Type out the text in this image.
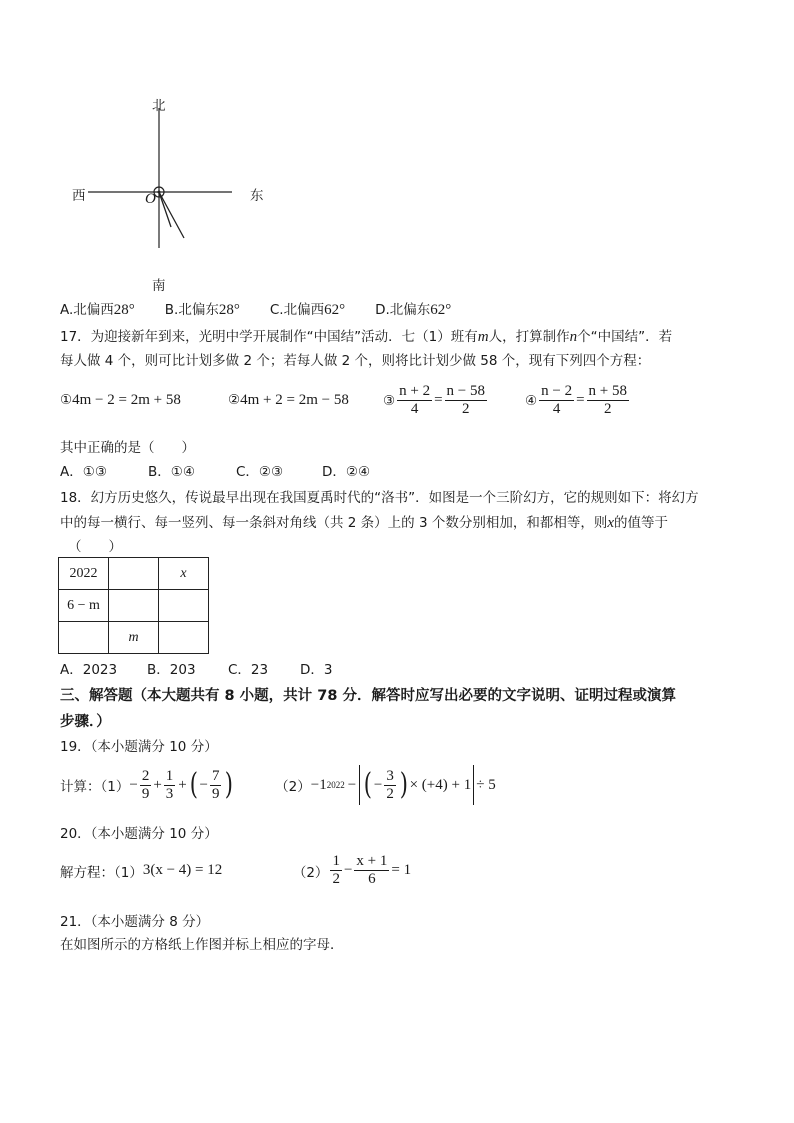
北
南
西	东
O
A.北偏西28° B.北偏东28° C.北偏西62° D.北偏东62°
17．为迎接新年到来，光明中学开展制作“中国结”活动．七（1）班有m人，打算制作n个“中国结”．若
每人做 4 个，则可比计划多做 2 个；若每人做 2 个，则将比计划少做 58 个，现有下列四个方程：
①4m − 2 = 2m + 58	②4m + 2 = 2m − 58	③ $\frac{n + 2}{4} = \frac{n - 58}{2}$	④ $\frac{n - 2}{4} = \frac{n + 58}{2}$
其中正确的是（　　）
A．①③	B．①④	C．②③	D．②④
18．幻方历史悠久，传说最早出现在我国夏禹时代的“洛书”．如图是一个三阶幻方，它的规则如下：将幻方
中的每一横行、每一竖列、每一条斜对角线（共 2 条）上的 3 个数分别相加，和都相等，则x的值等于
（　　）
2022		x
6 − m		
	m	
A．2023	B．203	C．23	D．3
三、解答题（本大题共有 8 小题，共计 78 分．解答时应写出必要的文字说明、证明过程或演算
步骤．）
19．（本小题满分 10 分）
计算：$(1) - \frac{2}{9} + \frac{1}{3}$ + ( − $\frac{7}{9}$ )	（2） −1 2022 − ( − $\frac{3}{2}$ ) × (+4) + 1 ÷ 5
20．（本小题满分 10 分）
解方程：（1） 3(x − 4) = 12	$(2) \frac{1}{2} - \frac{x + 1}{6} = 1$
21．（本小题满分 8 分）
在如图所示的方格纸上作图并标上相应的字母．
